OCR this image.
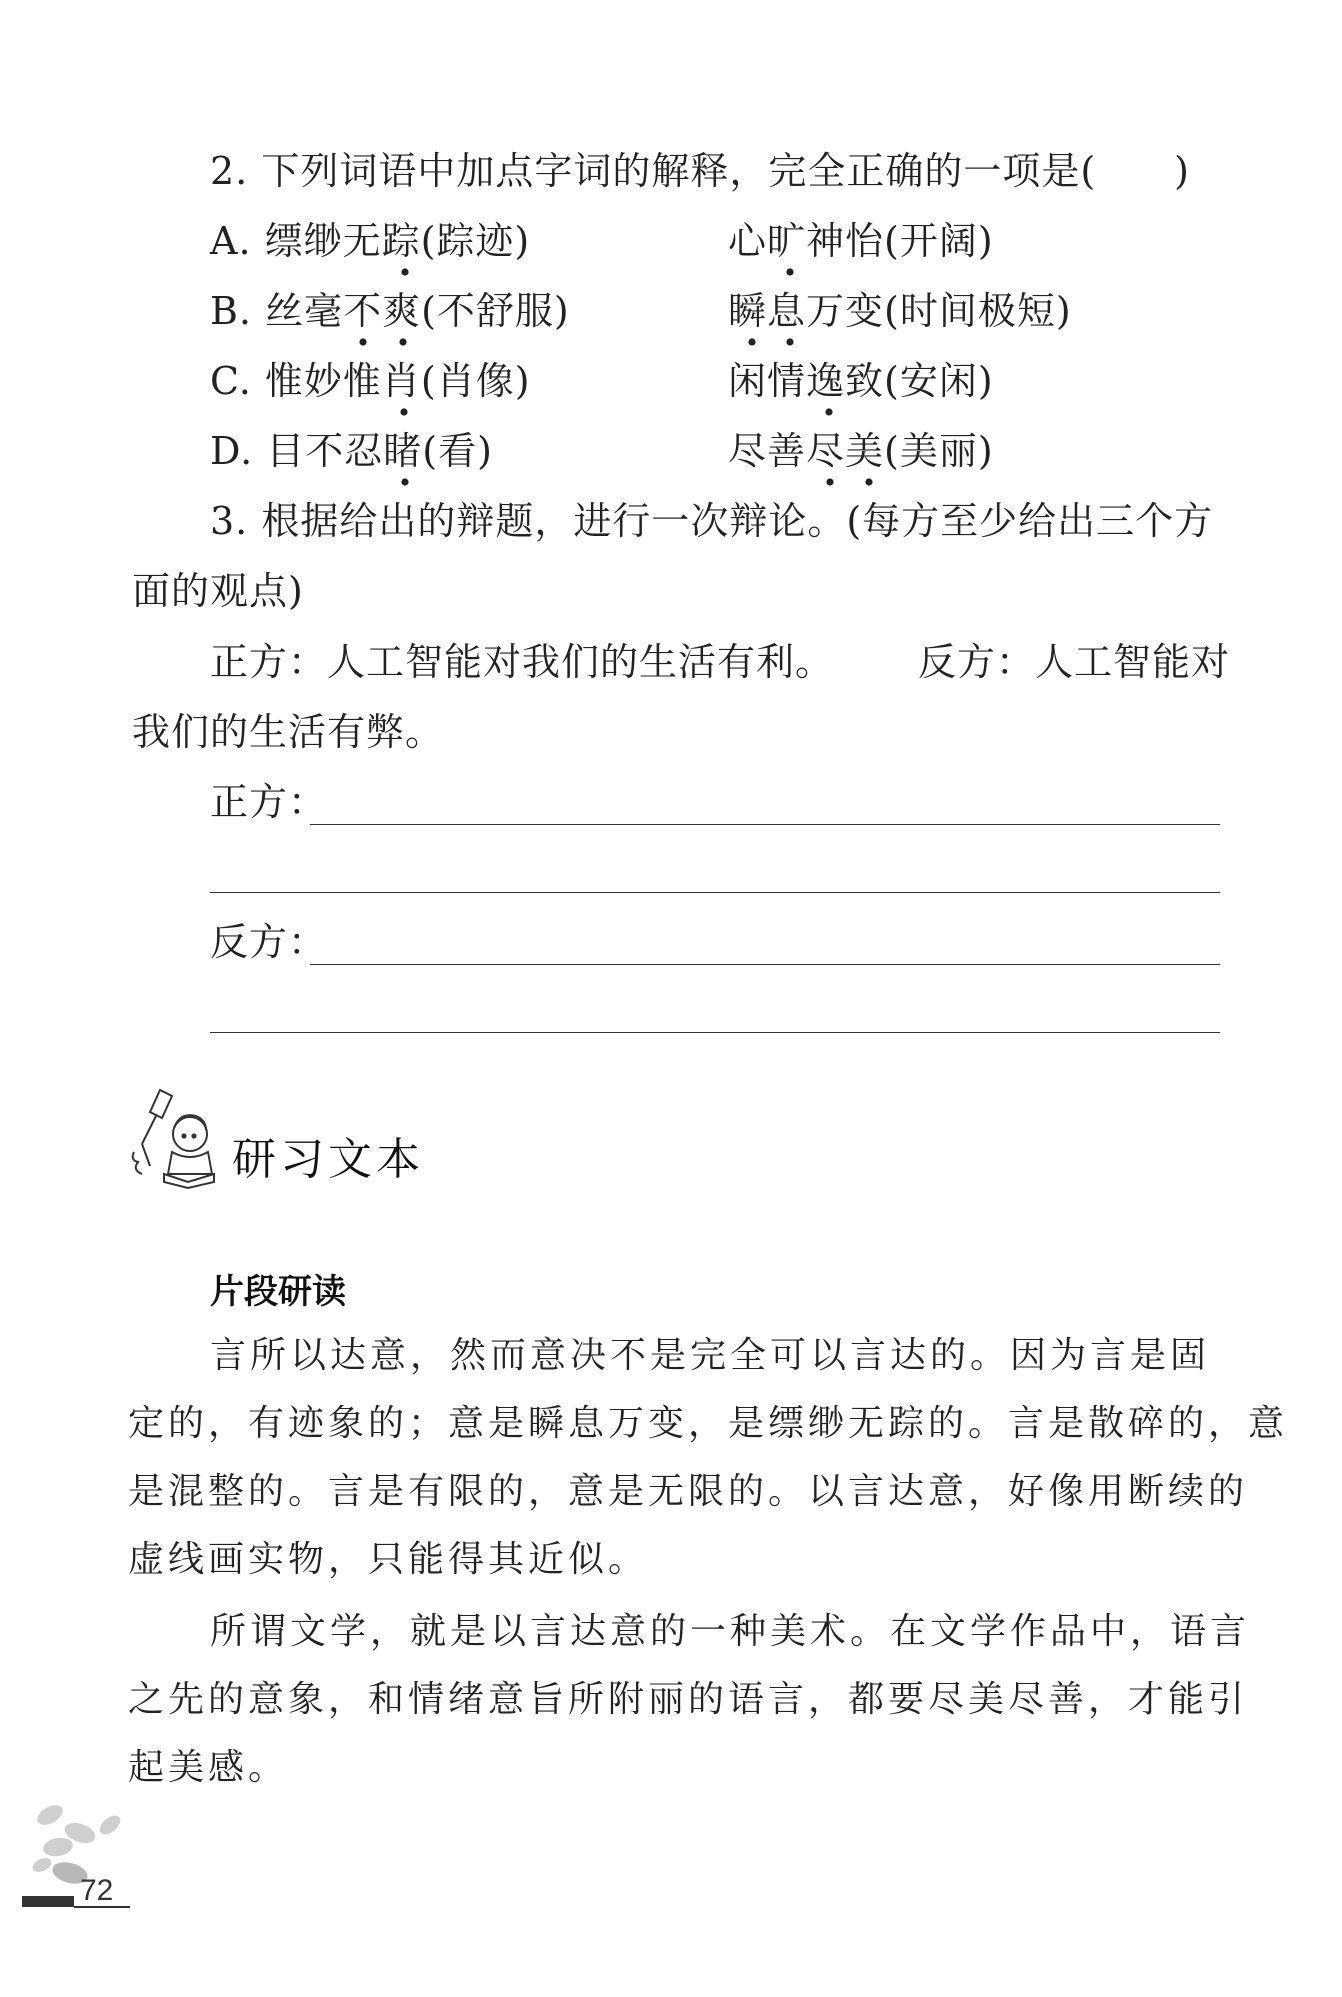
2. 下列词语中加点字词的解释，完全正确的一项是(　　)
A. 缥缈无踪(踪迹)	心旷神怡(开阔)
B. 丝毫不爽(不舒服)	瞬息万变(时间极短)
C. 惟妙惟肖(肖像)	闲情逸致(安闲)
D. 目不忍睹(看)	尽善尽美(美丽)
3. 根据给出的辩题，进行一次辩论。(每方至少给出三个方
面的观点)
正方：人工智能对我们的生活有利。 反方：人工智能对
我们的生活有弊。
正方：
反方：
研习文本
片段研读
言所以达意，然而意决不是完全可以言达的。因为言是固
定的，有迹象的；意是瞬息万变，是缥缈无踪的。言是散碎的，意
是混整的。言是有限的，意是无限的。以言达意，好像用断续的
虚线画实物，只能得其近似。
所谓文学，就是以言达意的一种美术。在文学作品中，语言
之先的意象，和情绪意旨所附丽的语言，都要尽美尽善，才能引
起美感。
72
